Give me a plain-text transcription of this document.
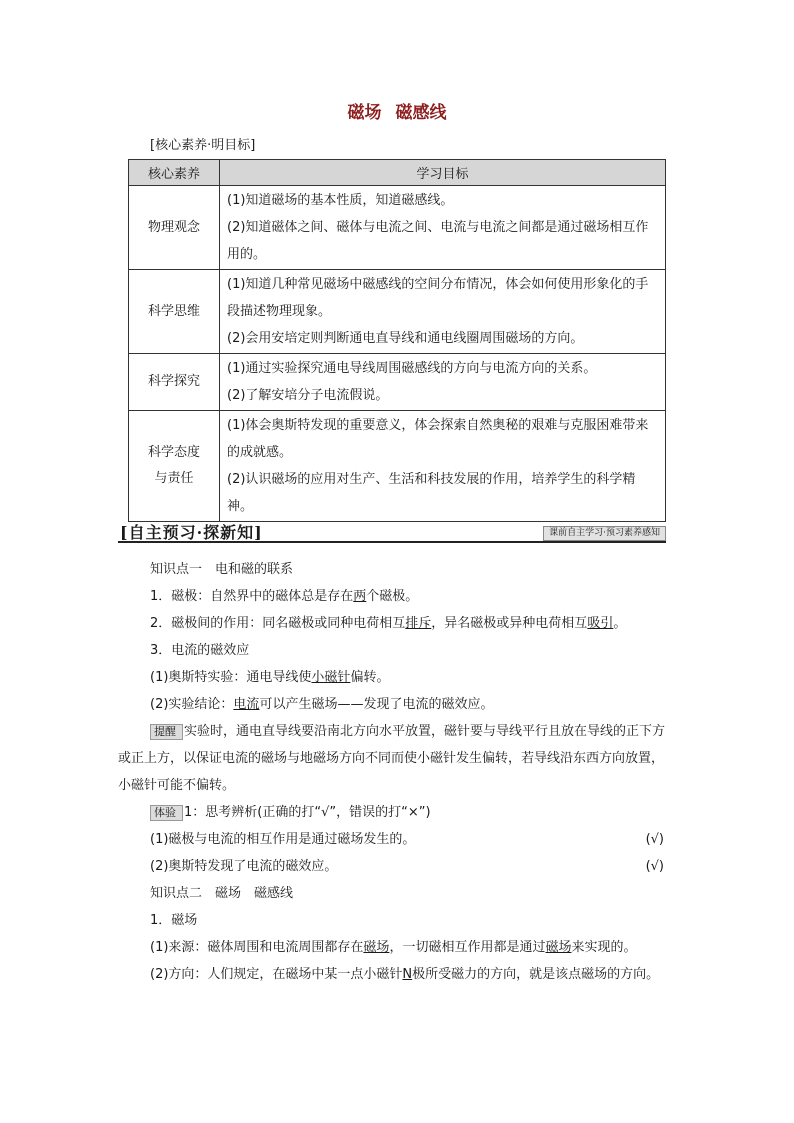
磁场 磁感线
[核心素养·明目标]
核心素养	学习目标
物理观念	(1)知道磁场的基本性质，知道磁感线。

(2)知道磁体之间、磁体与电流之间、电流与电流之间都是通过磁场相互作用的。

科学思维	(1)知道几种常见磁场中磁感线的空间分布情况，体会如何使用形象化的手段描述物理现象。

(2)会用安培定则判断通电直导线和通电线圈周围磁场的方向。

科学探究	(1)通过实验探究通电导线周围磁感线的方向与电流方向的关系。

(2)了解安培分子电流假说。

科学态度与责任	(1)体会奥斯特发现的重要意义，体会探索自然奥秘的艰难与克服困难带来的成就感。

(2)认识磁场的应用对生产、生活和科技发展的作用，培养学生的科学精神。

[自主预习·探新知]	课前自主学习·预习素养感知

知识点一　电和磁的联系

1．磁极：自然界中的磁体总是存在两个磁极。

2．磁极间的作用：同名磁极或同种电荷相互排斥，异名磁极或异种电荷相互吸引。

3．电流的磁效应

(1)奥斯特实验：通电导线使小磁针偏转。

(2)实验结论：电流可以产生磁场——发现了电流的磁效应。

提醒 实验时，通电直导线要沿南北方向水平放置，磁针要与导线平行且放在导线的正下方或正上方，以保证电流的磁场与地磁场方向不同而使小磁针发生偏转，若导线沿东西方向放置，小磁针可能不偏转。

体验 1：思考辨析(正确的打“√”，错误的打“×”)

(1)磁极与电流的相互作用是通过磁场发生的。	(√)

(2)奥斯特发现了电流的磁效应。	(√)

知识点二　磁场　磁感线

1．磁场

(1)来源：磁体周围和电流周围都存在磁场，一切磁相互作用都是通过磁场来实现的。

(2)方向：人们规定，在磁场中某一点小磁针N极所受磁力的方向，就是该点磁场的方向。
